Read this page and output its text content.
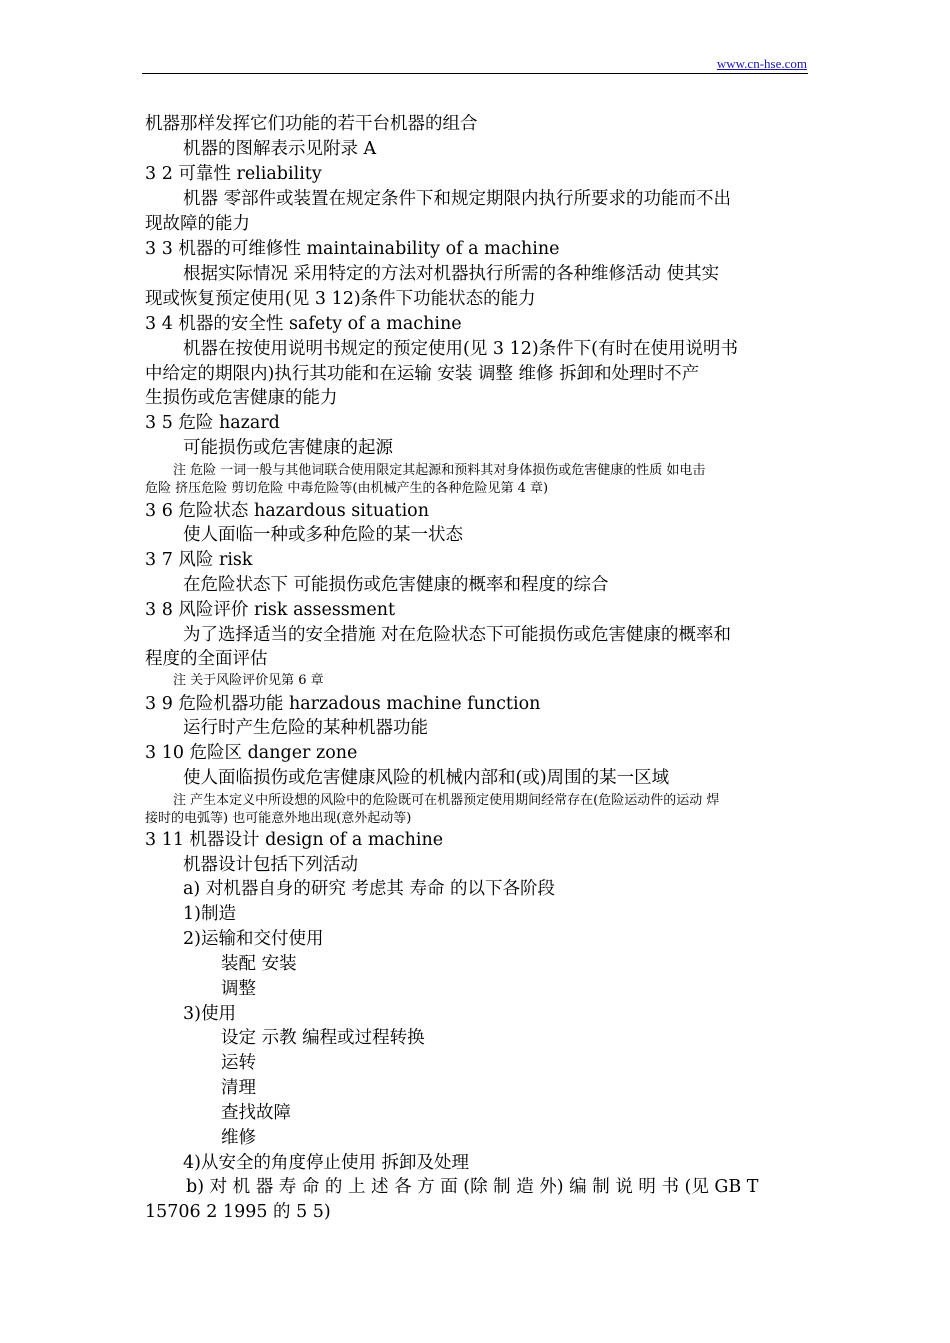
www.cn-hse.com
机器那样发挥它们功能的若干台机器的组合
机器的图解表示见附录 A
3 2 可靠性 reliability
机器 零部件或装置在规定条件下和规定期限内执行所要求的功能而不出
现故障的能力
3 3 机器的可维修性 maintainability of a machine
根据实际情况 采用特定的方法对机器执行所需的各种维修活动 使其实
现或恢复预定使用(见 3 12)条件下功能状态的能力
3 4 机器的安全性 safety of a machine
机器在按使用说明书规定的预定使用(见 3 12)条件下(有时在使用说明书
中给定的期限内)执行其功能和在运输 安装 调整 维修 拆卸和处理时不产
生损伤或危害健康的能力
3 5 危险 hazard
可能损伤或危害健康的起源
注 危险 一词一般与其他词联合使用限定其起源和预料其对身体损伤或危害健康的性质 如电击
危险 挤压危险 剪切危险 中毒危险等(由机械产生的各种危险见第 4 章)
3 6 危险状态 hazardous situation
使人面临一种或多种危险的某一状态
3 7 风险 risk
在危险状态下 可能损伤或危害健康的概率和程度的综合
3 8 风险评价 risk assessment
为了选择适当的安全措施 对在危险状态下可能损伤或危害健康的概率和
程度的全面评估
注 关于风险评价见第 6 章
3 9 危险机器功能 harzadous machine function
运行时产生危险的某种机器功能
3 10 危险区 danger zone
使人面临损伤或危害健康风险的机械内部和(或)周围的某一区域
注 产生本定义中所设想的风险中的危险既可在机器预定使用期间经常存在(危险运动件的运动 焊
接时的电弧等) 也可能意外地出现(意外起动等)
3 11 机器设计 design of a machine
机器设计包括下列活动
a) 对机器自身的研究 考虑其 寿命 的以下各阶段
1)制造
2)运输和交付使用
装配 安装
调整
3)使用
设定 示教 编程或过程转换
运转
清理
查找故障
维修
4)从安全的角度停止使用 拆卸及处理
b) 对 机 器 寿 命 的 上 述 各 方 面 (除 制 造 外) 编 制 说 明 书 (见 GB T
15706 2 1995 的 5 5)
